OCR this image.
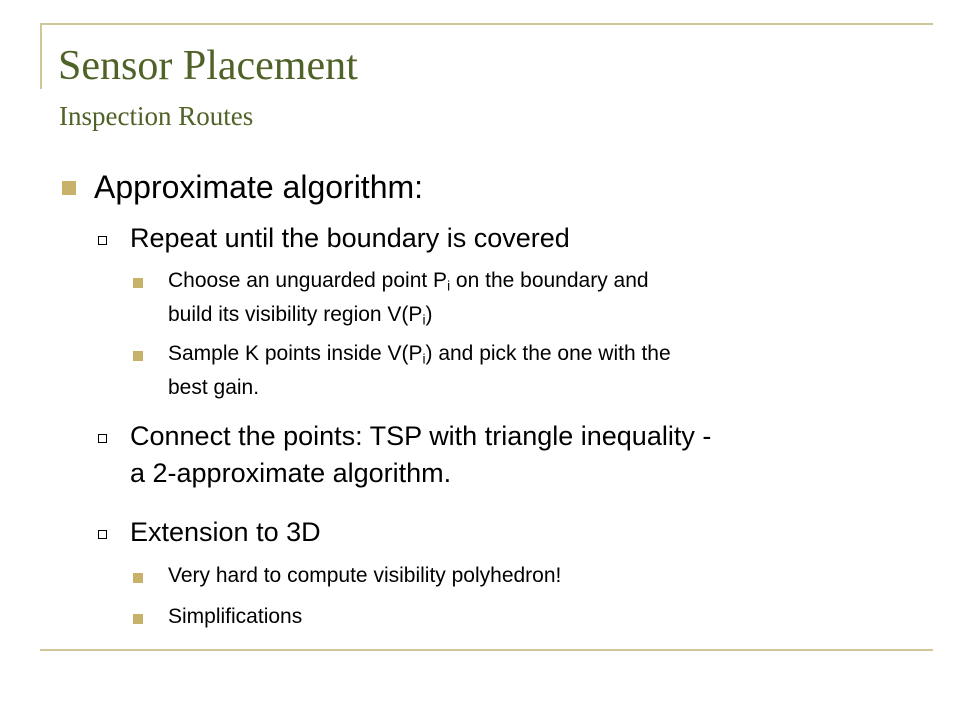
Sensor Placement
Inspection Routes
Approximate algorithm:
Repeat until the boundary is covered
Choose an unguarded point $P_i$ on the boundary and
build its visibility region $V(P_i)$
Sample K points inside $V(P_i)$ and pick the one with the
best gain.
Connect the points: TSP with triangle inequality -
a 2-approximate algorithm.
Extension to 3D
Very hard to compute visibility polyhedron!
Simplifications
